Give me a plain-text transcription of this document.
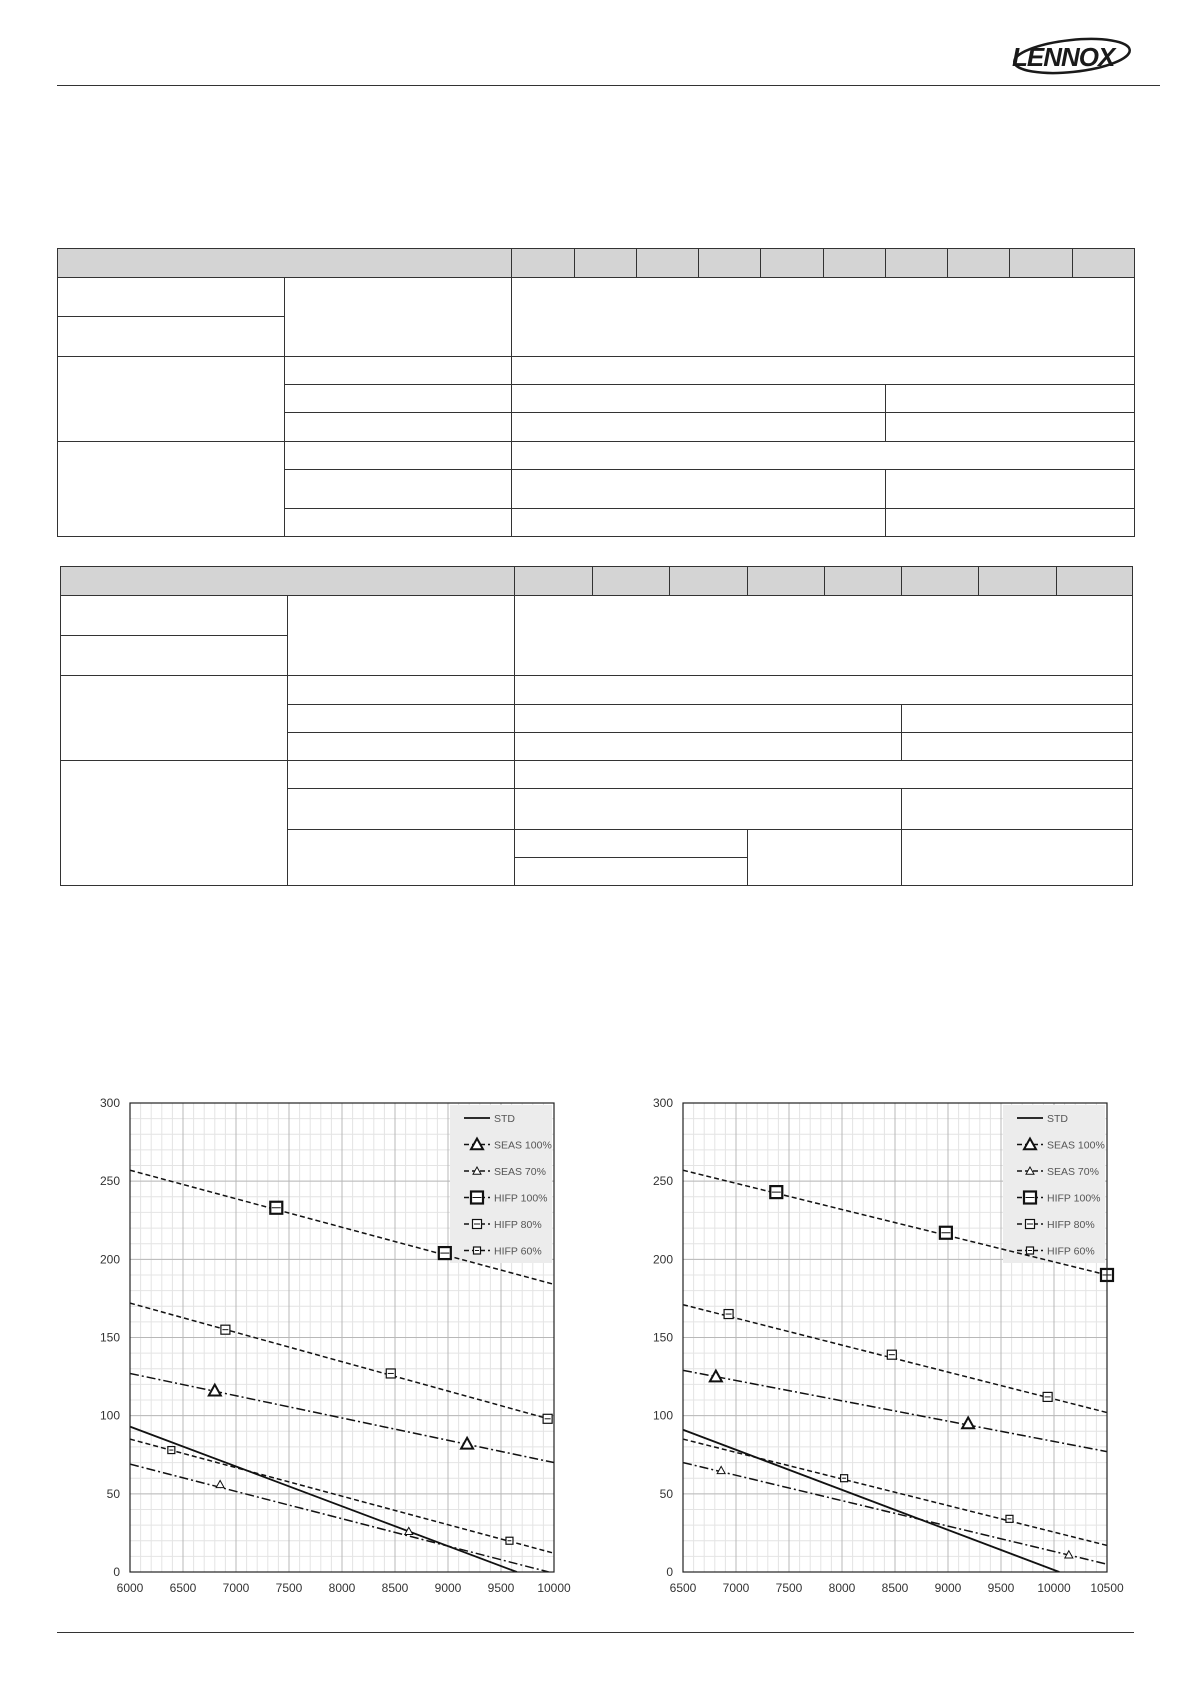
LENNOX
6000 6500 7000 7500 8000 8500 9000 9500 10000
0
50
100
150
200
250
300
STD
SEAS 100%
SEAS 70%
HIFP 100%
HIFP 80%
HIFP 60%
6500 7000 7500 8000 8500 9000 9500 10000 10500
0
50
100
150
200
250
300
STD
SEAS 100%
SEAS 70%
HIFP 100%
HIFP 80%
HIFP 60%
